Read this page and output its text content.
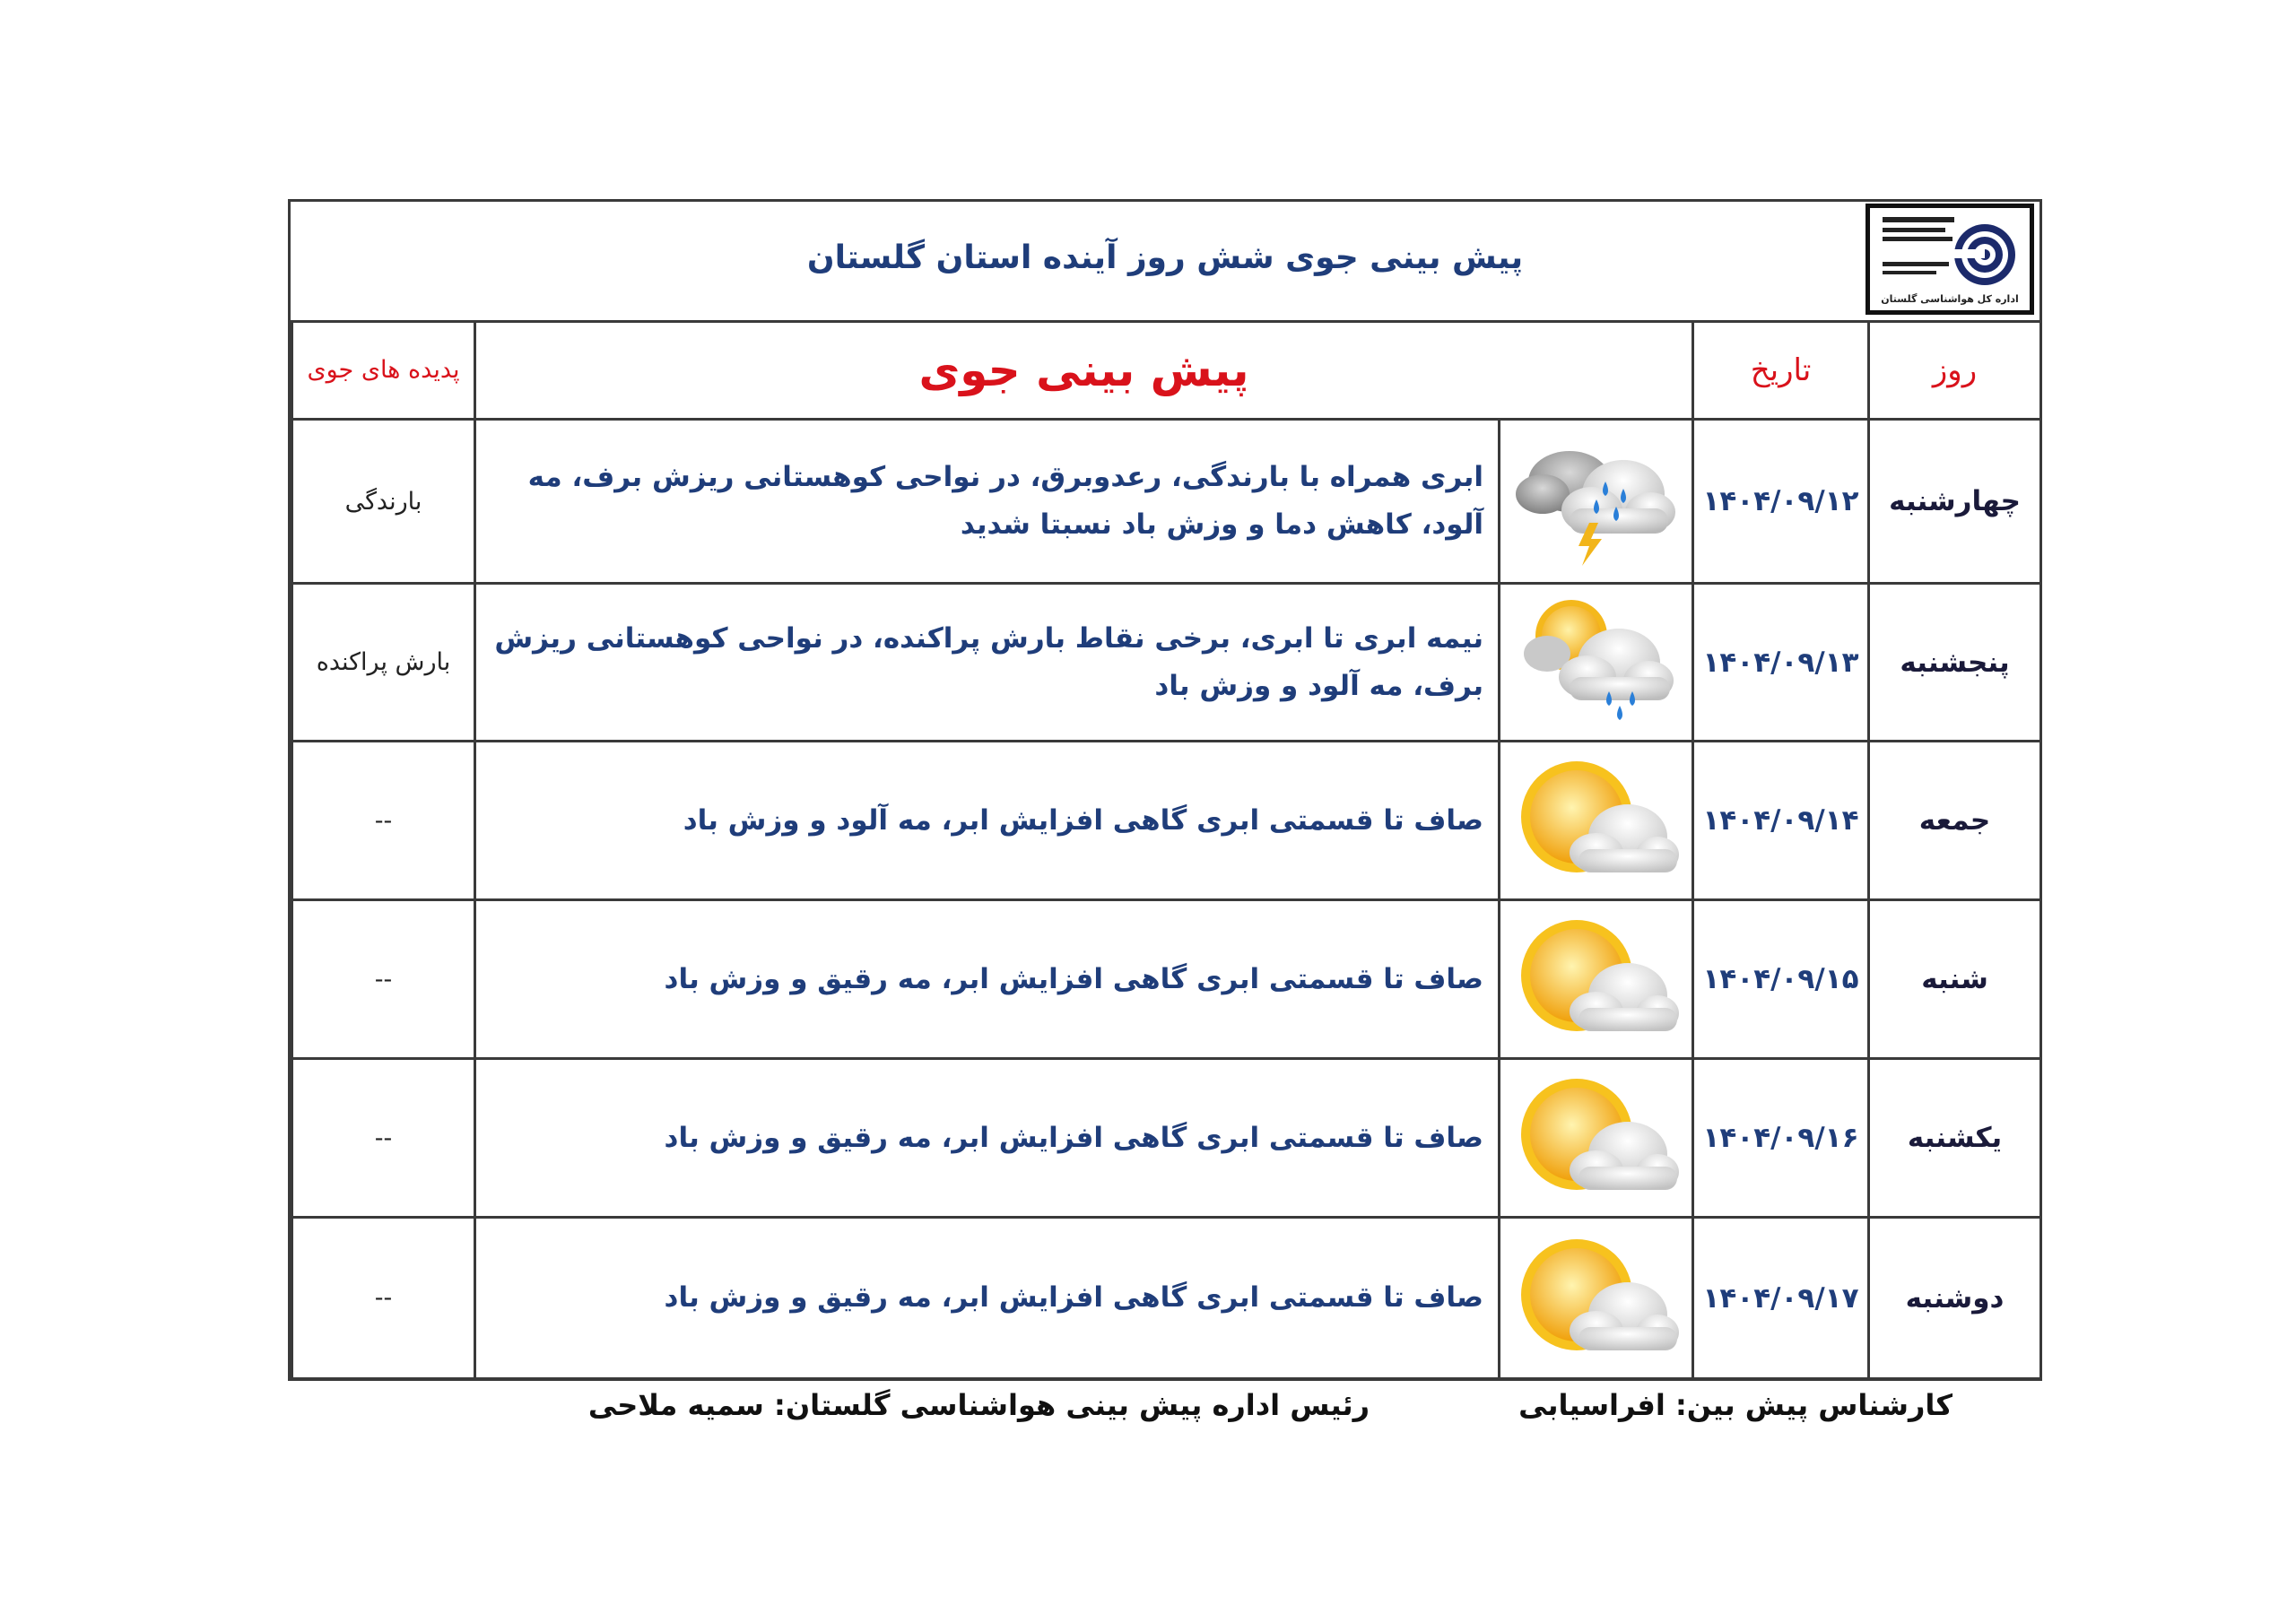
پیش بینی جوی شش روز آینده استان گلستان
اداره کل هواشناسی گلستان
پدیده های جوی	پیش بینی جوی		تاریخ	روز
بارندگی	ابری همراه با بارندگی، رعدوبرق، در نواحی کوهستانی ریزش برف، مه آلود، کاهش دما و وزش باد نسبتا شدید		۱۴۰۴/۰۹/۱۲	چهارشنبه
بارش پراکنده	نیمه ابری تا ابری، برخی نقاط بارش پراکنده، در نواحی کوهستانی ریزش برف، مه آلود و وزش باد		۱۴۰۴/۰۹/۱۳	پنجشنبه
--	صاف تا قسمتی ابری گاهی افزایش ابر، مه آلود و وزش باد		۱۴۰۴/۰۹/۱۴	جمعه
--	صاف تا قسمتی ابری گاهی افزایش ابر، مه رقیق و وزش باد		۱۴۰۴/۰۹/۱۵	شنبه
--	صاف تا قسمتی ابری گاهی افزایش ابر، مه رقیق و وزش باد		۱۴۰۴/۰۹/۱۶	یکشنبه
--	صاف تا قسمتی ابری گاهی افزایش ابر، مه رقیق و وزش باد		۱۴۰۴/۰۹/۱۷	دوشنبه
کارشناس پیش بین: افراسیابی
رئیس اداره پیش بینی هواشناسی گلستان: سمیه ملاحی
